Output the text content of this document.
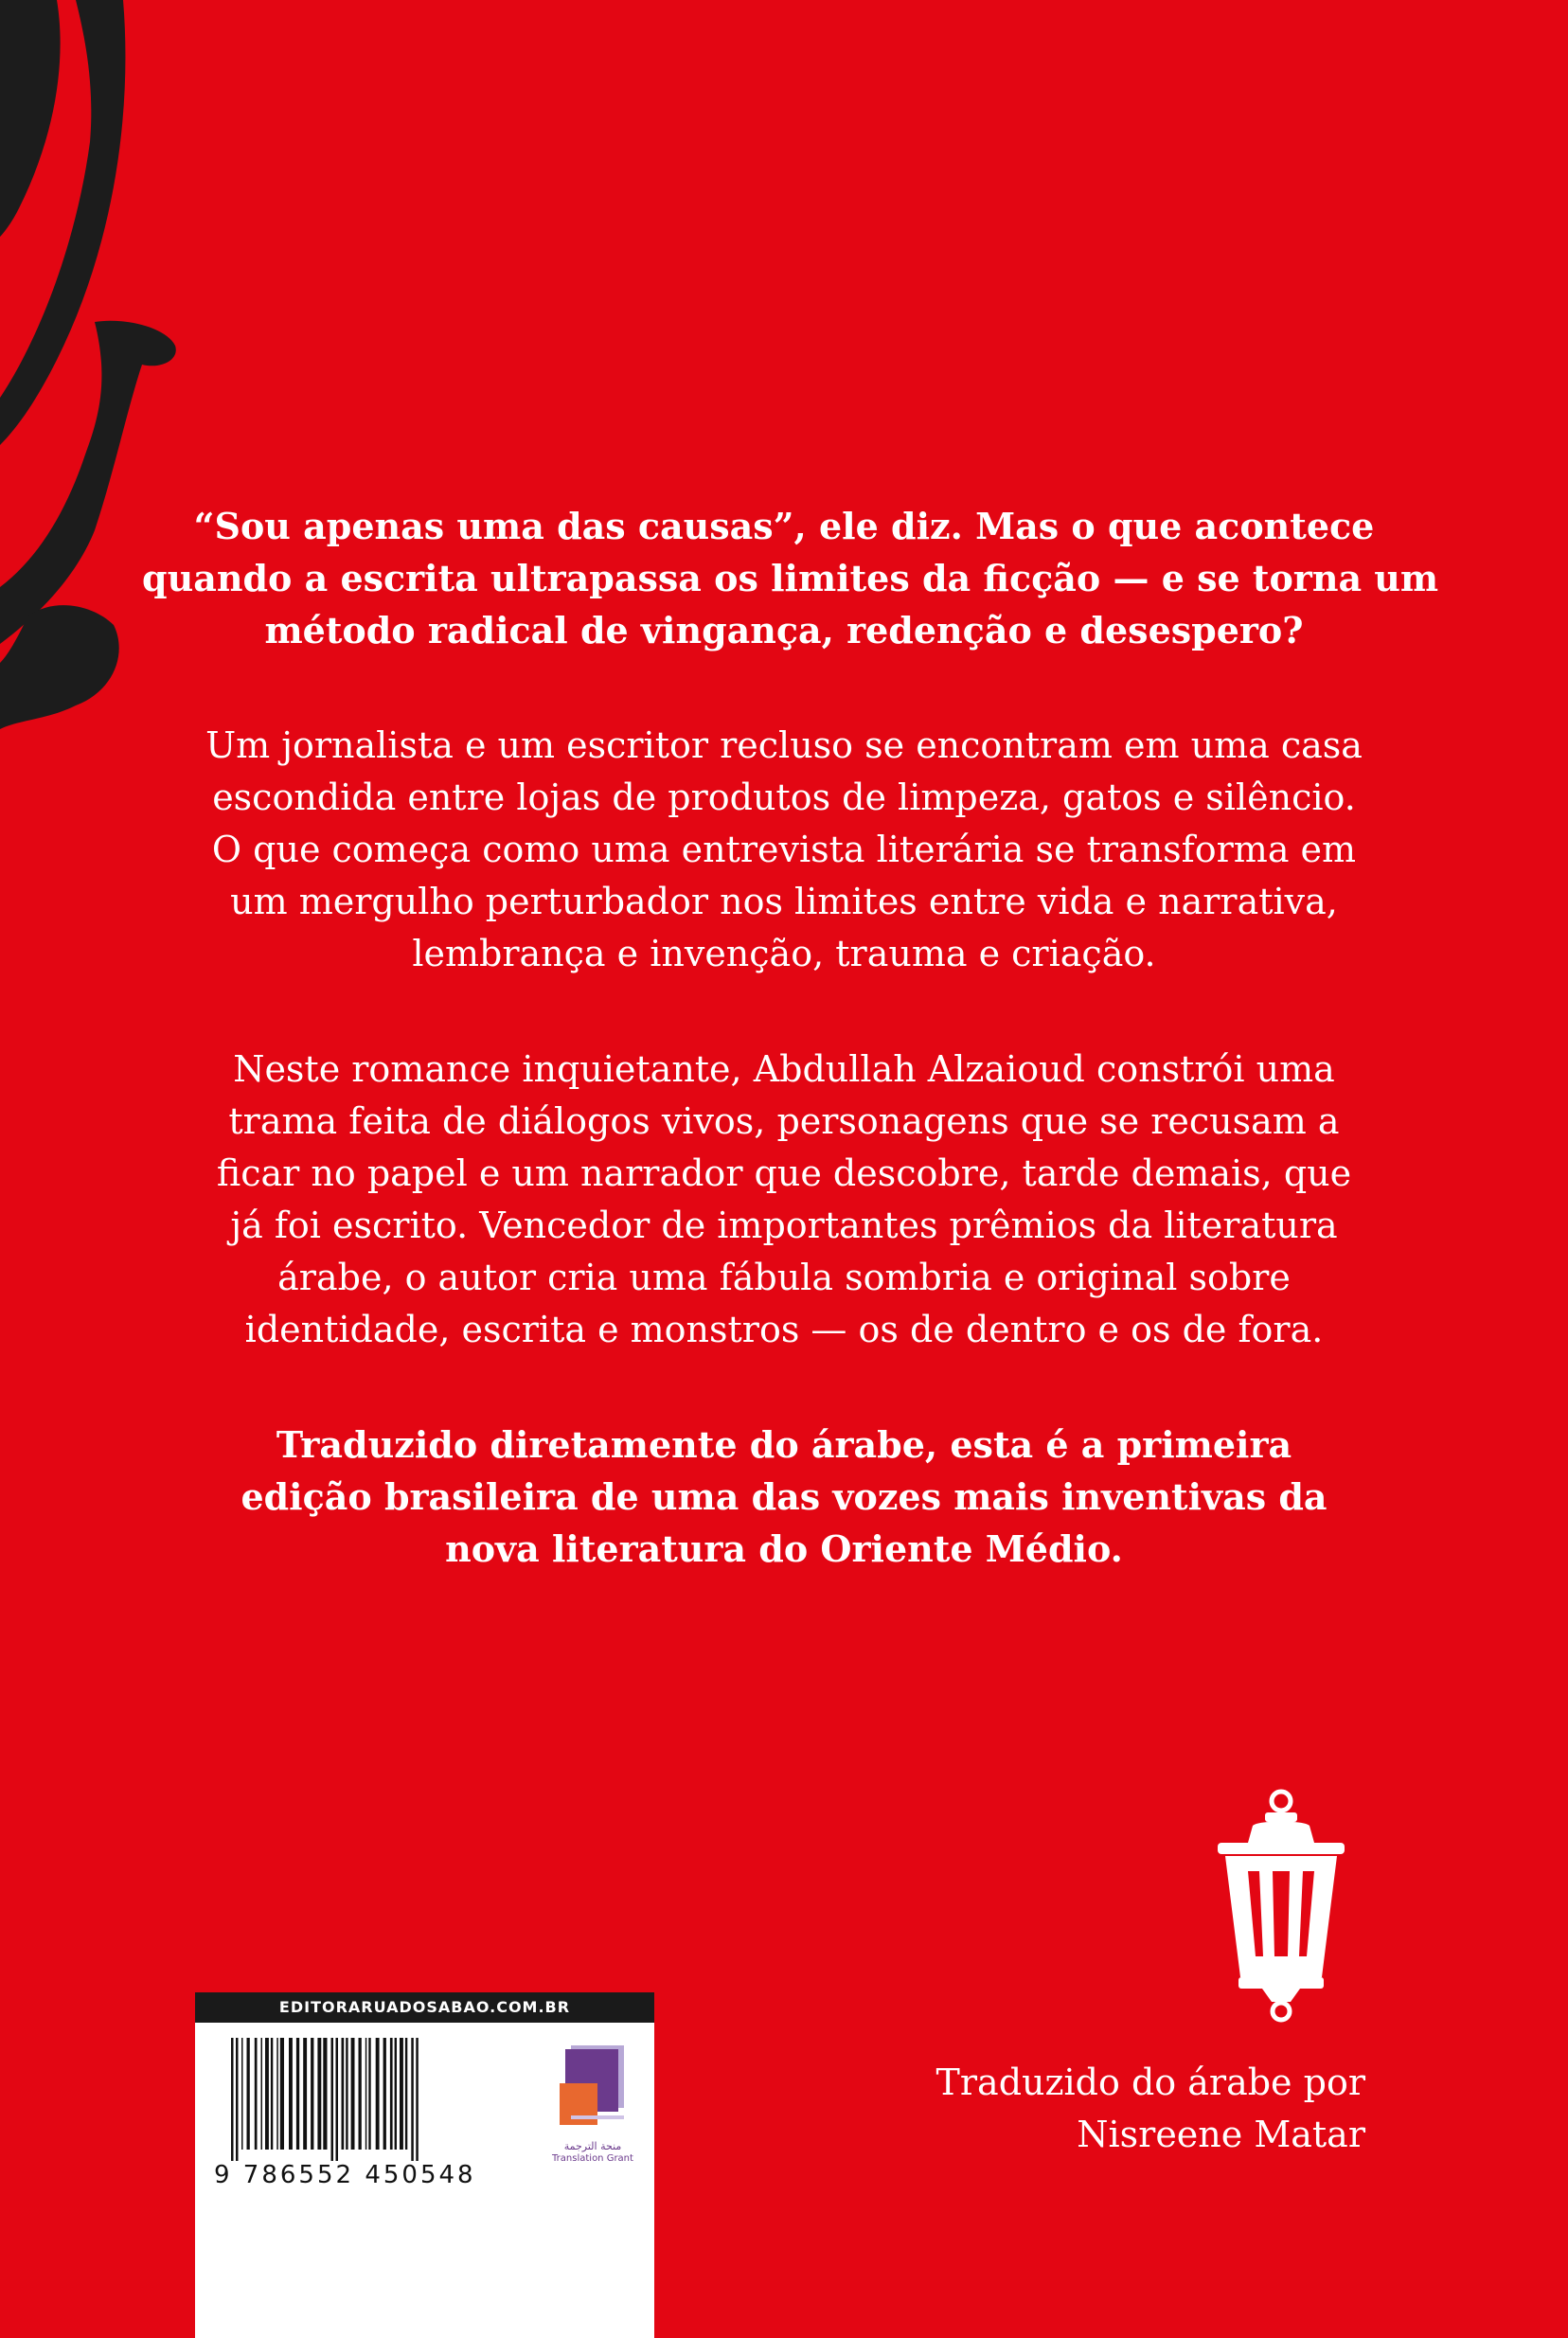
“Sou apenas uma das causas”, ele diz. Mas o que acontece
quando a escrita ultrapassa os limites da ficção — e se torna um
método radical de vingança, redenção e desespero?
Um jornalista e um escritor recluso se encontram em uma casa
escondida entre lojas de produtos de limpeza, gatos e silêncio.
O que começa como uma entrevista literária se transforma em
um mergulho perturbador nos limites entre vida e narrativa,
lembrança e invenção, trauma e criação.
Neste romance inquietante, Abdullah Alzaioud constrói uma
trama feita de diálogos vivos, personagens que se recusam a
ficar no papel e um narrador que descobre, tarde demais, que
já foi escrito. Vencedor de importantes prêmios da literatura
árabe, o autor cria uma fábula sombria e original sobre
identidade, escrita e monstros — os de dentro e os de fora.
Traduzido diretamente do árabe, esta é a primeira
edição brasileira de uma das vozes mais inventivas da
nova literatura do Oriente Médio.
Traduzido do árabe por
Nisreene Matar
EDITORARUADOSABAO.COM.BR
9 786552 450548
منحة الترجمة
Translation Grant
